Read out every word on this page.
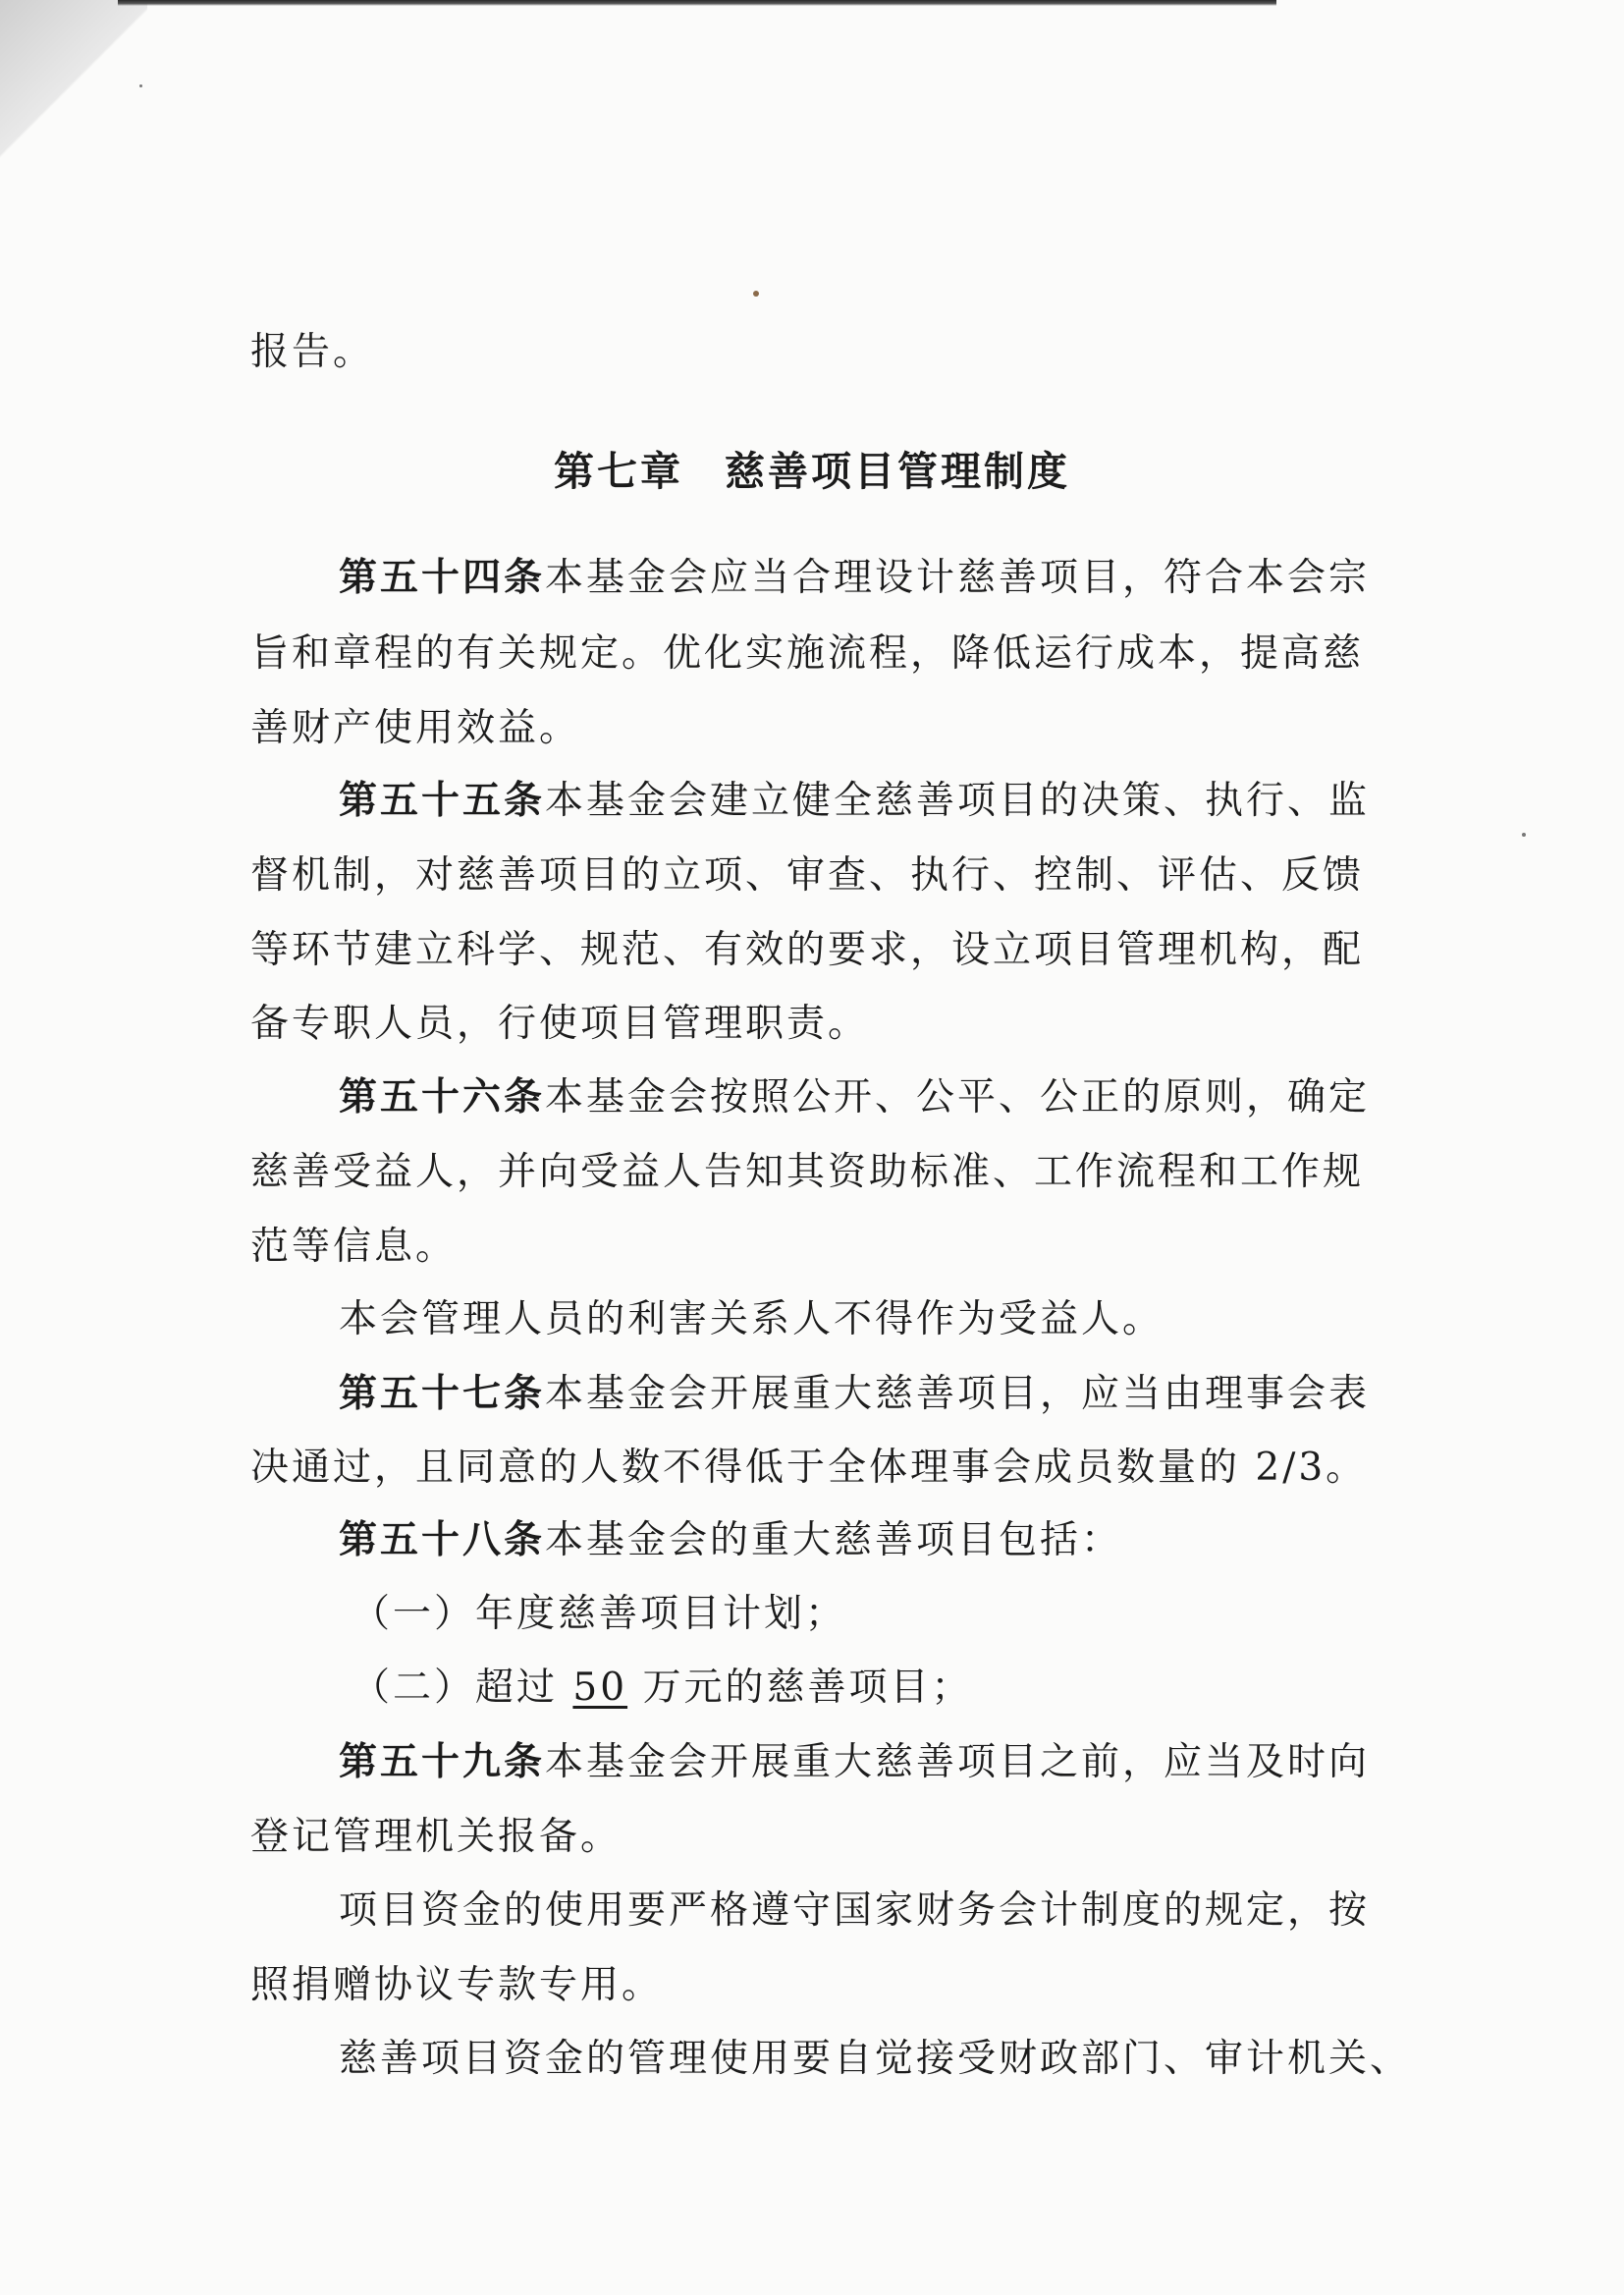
报告。
第七章 慈善项目管理制度
第五十四条本基金会应当合理设计慈善项目，符合本会宗
旨和章程的有关规定。优化实施流程，降低运行成本，提高慈
善财产使用效益。
第五十五条本基金会建立健全慈善项目的决策、执行、监
督机制，对慈善项目的立项、审查、执行、控制、评估、反馈
等环节建立科学、规范、有效的要求，设立项目管理机构，配
备专职人员，行使项目管理职责。
第五十六条本基金会按照公开、公平、公正的原则，确定
慈善受益人，并向受益人告知其资助标准、工作流程和工作规
范等信息。
本会管理人员的利害关系人不得作为受益人。
第五十七条本基金会开展重大慈善项目，应当由理事会表
决通过，且同意的人数不得低于全体理事会成员数量的 2/3。
第五十八条本基金会的重大慈善项目包括：
（一）年度慈善项目计划；
（二）超过 50 万元的慈善项目；
第五十九条本基金会开展重大慈善项目之前，应当及时向
登记管理机关报备。
项目资金的使用要严格遵守国家财务会计制度的规定，按
照捐赠协议专款专用。
慈善项目资金的管理使用要自觉接受财政部门、审计机关、
